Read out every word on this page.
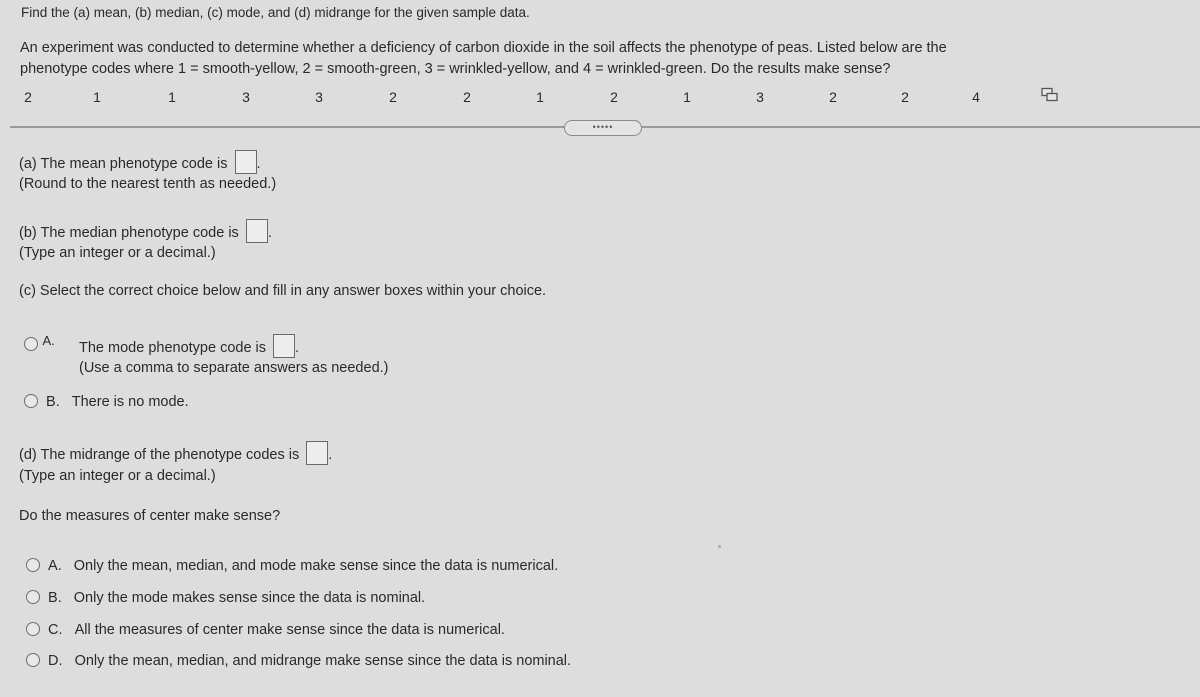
Find the (a) mean, (b) median, (c) mode, and (d) midrange for the given sample data.
An experiment was conducted to determine whether a deficiency of carbon dioxide in the soil affects the phenotype of peas. Listed below are the
phenotype codes where 1 = smooth-yellow, 2 = smooth-green, 3 = wrinkled-yellow, and 4 = wrinkled-green. Do the results make sense?
2	1	1	3	3	2	2	1	2	1	3	2	2	4
•••••
(a) The mean phenotype code is .
(Round to the nearest tenth as needed.)
(b) The median phenotype code is .
(Type an integer or a decimal.)
(c) Select the correct choice below and fill in any answer boxes within your choice.
$^{A.}$ The mode phenotype code is .
(Use a comma to separate answers as needed.)
B. There is no mode.
(d) The midrange of the phenotype codes is .
(Type an integer or a decimal.)
Do the measures of center make sense?
A. Only the mean, median, and mode make sense since the data is numerical.
B. Only the mode makes sense since the data is nominal.
C. All the measures of center make sense since the data is numerical.
D. Only the mean, median, and midrange make sense since the data is nominal.
